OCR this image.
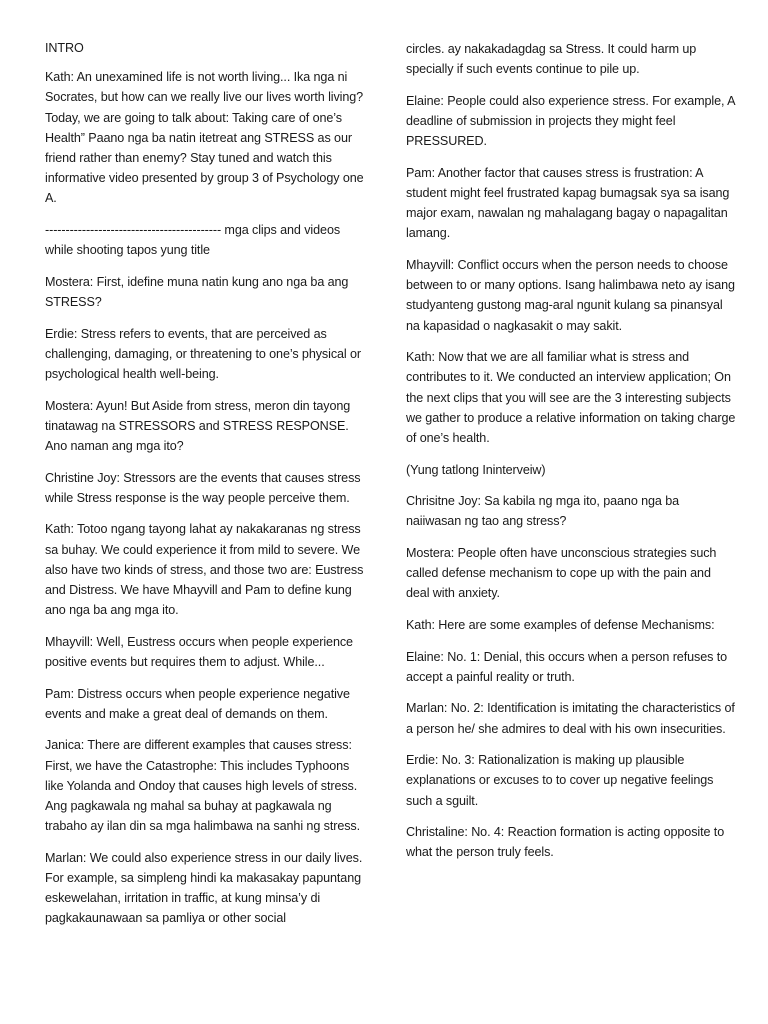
INTRO

Kath: An unexamined life is not worth living... Ika nga ni Socrates, but how can we really live our lives worth living? Today, we are going to talk about: Taking care of one’s Health” Paano nga ba natin itetreat ang STRESS as our friend rather than enemy? Stay tuned and watch this informative video presented by group 3 of Psychology one A.

------------------------------------------- mga clips and videos while shooting tapos yung title

Mostera: First, idefine muna natin kung ano nga ba ang STRESS?

Erdie: Stress refers to events, that are perceived as challenging, damaging, or threatening to one’s physical or psychological health well-being.

Mostera: Ayun! But Aside from stress, meron din tayong tinatawag na STRESSORS and STRESS RESPONSE. Ano naman ang mga ito?

Christine Joy: Stressors are the events that causes stress while Stress response is the way people perceive them.

Kath: Totoo ngang tayong lahat ay nakakaranas ng stress sa buhay. We could experience it from mild to severe. We also have two kinds of stress, and those two are: Eustress and Distress. We have Mhayvill and Pam to define kung ano nga ba ang mga ito.

Mhayvill: Well, Eustress occurs when people experience positive events but requires them to adjust. While...

Pam: Distress occurs when people experience negative events and make a great deal of demands on them.

Janica: There are different examples that causes stress: First, we have the Catastrophe: This includes Typhoons like Yolanda and Ondoy that causes high levels of stress. Ang pagkawala ng mahal sa buhay at pagkawala ng trabaho ay ilan din sa mga halimbawa na sanhi ng stress.

Marlan: We could also experience stress in our daily lives. For example, sa simpleng hindi ka makasakay papuntang eskewelahan, irritation in traffic, at kung minsa’y di pagkakaunawaan sa pamliya or other social

circles. ay nakakadagdag sa Stress. It could harm up specially if such events continue to pile up.

Elaine: People could also experience stress. For example, A deadline of submission in projects they might feel PRESSURED.

Pam: Another factor that causes stress is frustration: A student might feel frustrated kapag bumagsak sya sa isang major exam, nawalan ng mahalagang bagay o napagalitan lamang.

Mhayvill: Conflict occurs when the person needs to choose between to or many options. Isang halimbawa neto ay isang studyanteng gustong mag-aral ngunit kulang sa pinansyal na kapasidad o nagkasakit o may sakit.

Kath: Now that we are all familiar what is stress and contributes to it. We conducted an interview application; On the next clips that you will see are the 3 interesting subjects we gather to produce a relative information on taking charge of one’s health.

(Yung tatlong Ininterveiw)

Chrisitne Joy: Sa kabila ng mga ito, paano nga ba naiiwasan ng tao ang stress?

Mostera: People often have unconscious strategies such called defense mechanism to cope up with the pain and deal with anxiety.

Kath: Here are some examples of defense Mechanisms:

Elaine: No. 1: Denial, this occurs when a person refuses to accept a painful reality or truth.

Marlan: No. 2: Identification is imitating the characteristics of a person he/ she admires to deal with his own insecurities.

Erdie: No. 3: Rationalization is making up plausible explanations or excuses to to cover up negative feelings such a sguilt.

Christaline: No. 4: Reaction formation is acting opposite to what the person truly feels.
